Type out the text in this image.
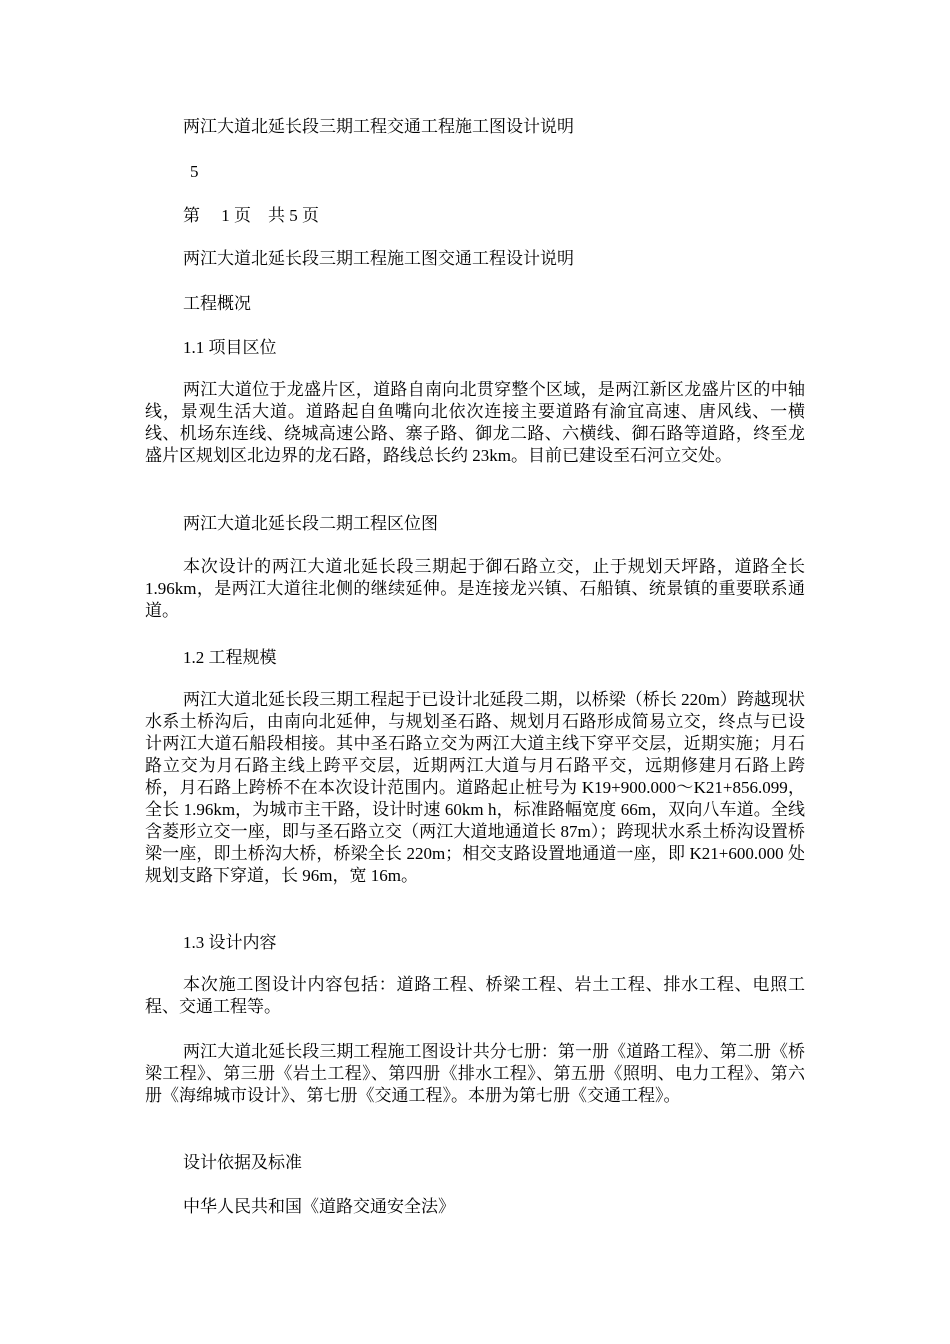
两江大道北延长段三期工程交通工程施工图设计说明
5
第　 1 页　共 5 页
两江大道北延长段三期工程施工图交通工程设计说明
工程概况
1.1 项目区位
两江大道位于龙盛片区，道路自南向北贯穿整个区域，是两江新区龙盛片区的中轴线，景观生活大道。道路起自鱼嘴向北依次连接主要道路有渝宜高速、唐风线、一横线、机场东连线、绕城高速公路、寨子路、御龙二路、六横线、御石路等道路，终至龙盛片区规划区北边界的龙石路，路线总长约 23km。目前已建设至石河立交处。
两江大道北延长段二期工程区位图
本次设计的两江大道北延长段三期起于御石路立交，止于规划天坪路，道路全长 1.96km，是两江大道往北侧的继续延伸。是连接龙兴镇、石船镇、统景镇的重要联系通道。
1.2 工程规模
两江大道北延长段三期工程起于已设计北延段二期，以桥梁（桥长 220m）跨越现状水系土桥沟后，由南向北延伸，与规划圣石路、规划月石路形成简易立交，终点与已设计两江大道石船段相接。其中圣石路立交为两江大道主线下穿平交层，近期实施；月石路立交为月石路主线上跨平交层，近期两江大道与月石路平交，远期修建月石路上跨桥，月石路上跨桥不在本次设计范围内。道路起止桩号为 K19+900.000～K21+856.099，全长 1.96km，为城市主干路，设计时速 60km h，标准路幅宽度 66m，双向八车道。全线含菱形立交一座，即与圣石路立交（两江大道地通道长 87m）；跨现状水系土桥沟设置桥梁一座，即土桥沟大桥，桥梁全长 220m；相交支路设置地通道一座，即 K21+600.000 处规划支路下穿道，长 96m，宽 16m。
1.3 设计内容
本次施工图设计内容包括：道路工程、桥梁工程、岩土工程、排水工程、电照工程、交通工程等。
两江大道北延长段三期工程施工图设计共分七册：第一册《道路工程》、第二册《桥梁工程》、第三册《岩土工程》、第四册《排水工程》、第五册《照明、电力工程》、第六册《海绵城市设计》、第七册《交通工程》。本册为第七册《交通工程》。
设计依据及标准
中华人民共和国《道路交通安全法》
